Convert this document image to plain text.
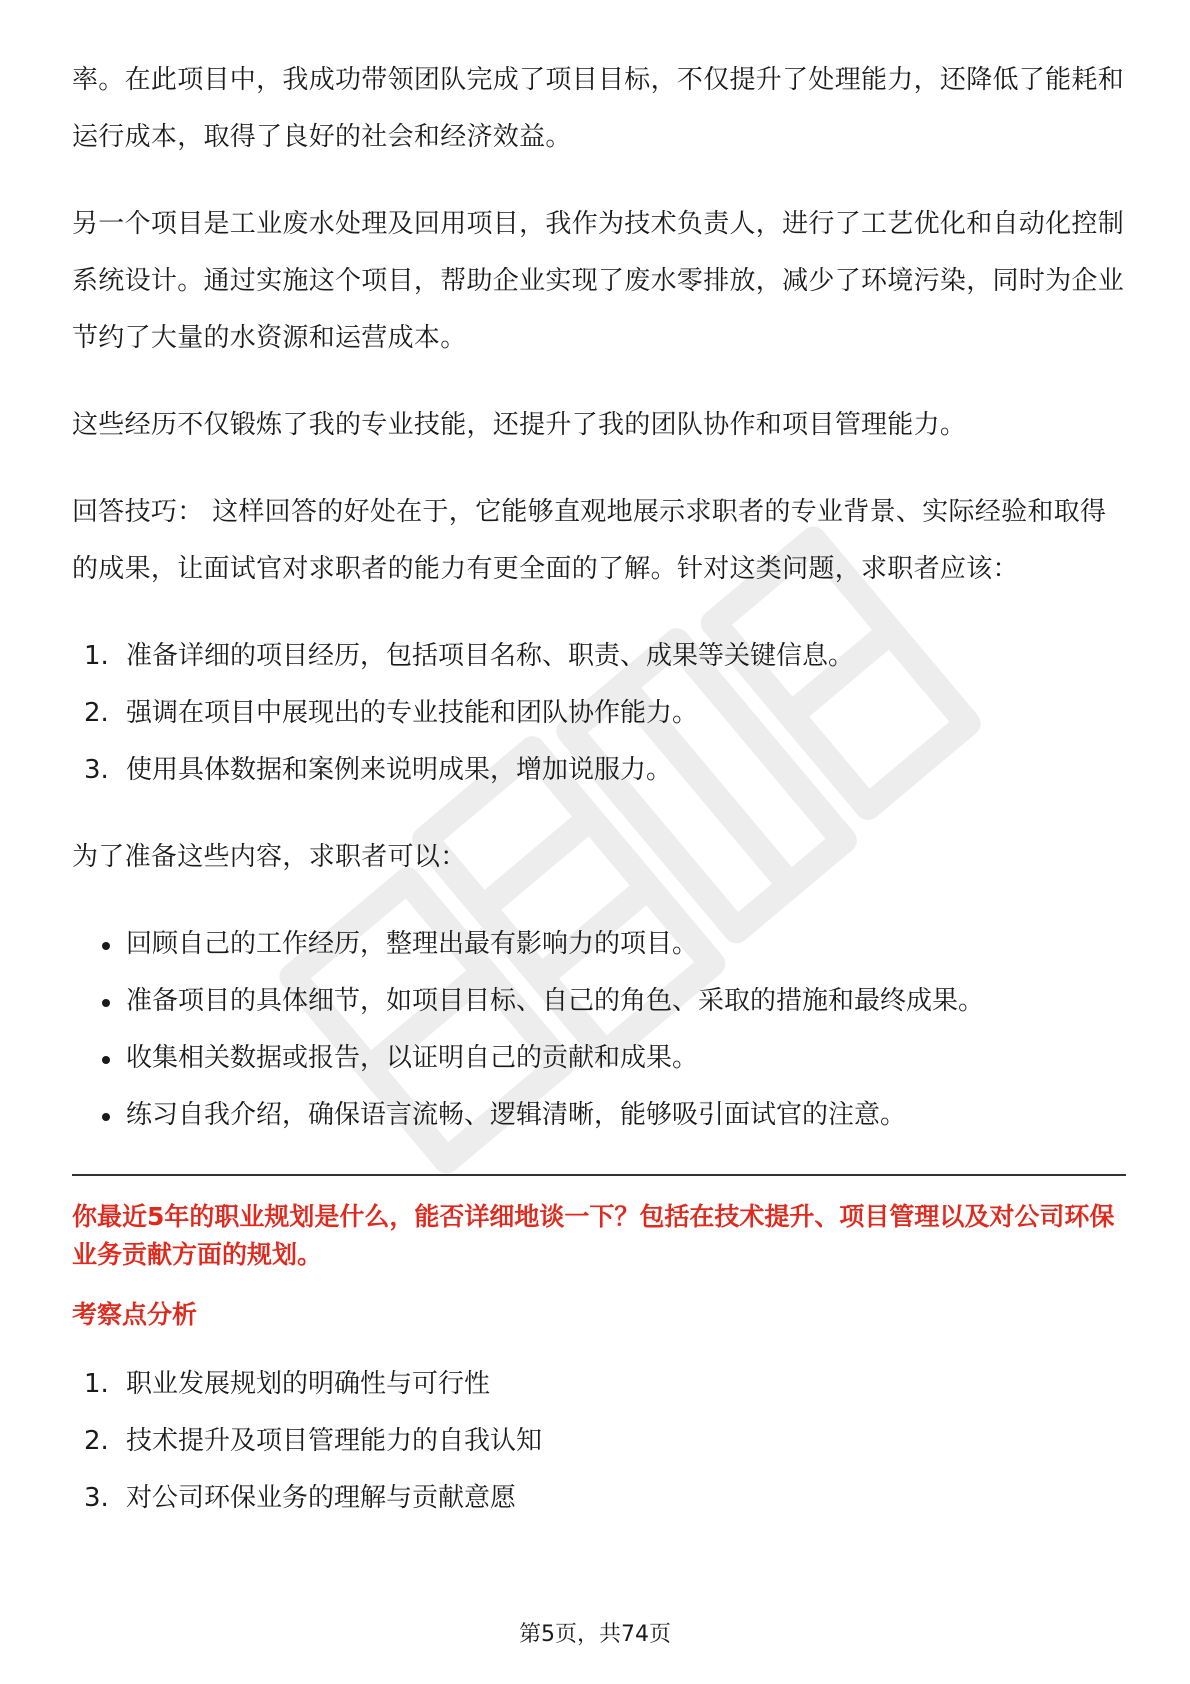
率。在此项目中，我成功带领团队完成了项目目标，不仅提升了处理能力，还降低了能耗和运行成本，取得了良好的社会和经济效益。

另一个项目是工业废水处理及回用项目，我作为技术负责人，进行了工艺优化和自动化控制系统设计。通过实施这个项目，帮助企业实现了废水零排放，减少了环境污染，同时为企业节约了大量的水资源和运营成本。

这些经历不仅锻炼了我的专业技能，还提升了我的团队协作和项目管理能力。

回答技巧： 这样回答的好处在于，它能够直观地展示求职者的专业背景、实际经验和取得的成果，让面试官对求职者的能力有更全面的了解。针对这类问题，求职者应该：

1. 准备详细的项目经历，包括项目名称、职责、成果等关键信息。
2. 强调在项目中展现出的专业技能和团队协作能力。
3. 使用具体数据和案例来说明成果，增加说服力。

为了准备这些内容，求职者可以：

回顾自己的工作经历，整理出最有影响力的项目。
准备项目的具体细节，如项目目标、自己的角色、采取的措施和最终成果。
收集相关数据或报告，以证明自己的贡献和成果。
练习自我介绍，确保语言流畅、逻辑清晰，能够吸引面试官的注意。

你最近5年的职业规划是什么，能否详细地谈一下？包括在技术提升、项目管理以及对公司环保业务贡献方面的规划。

考察点分析

1. 职业发展规划的明确性与可行性
2. 技术提升及项目管理能力的自我认知
3. 对公司环保业务的理解与贡献意愿
第5页，共74页
